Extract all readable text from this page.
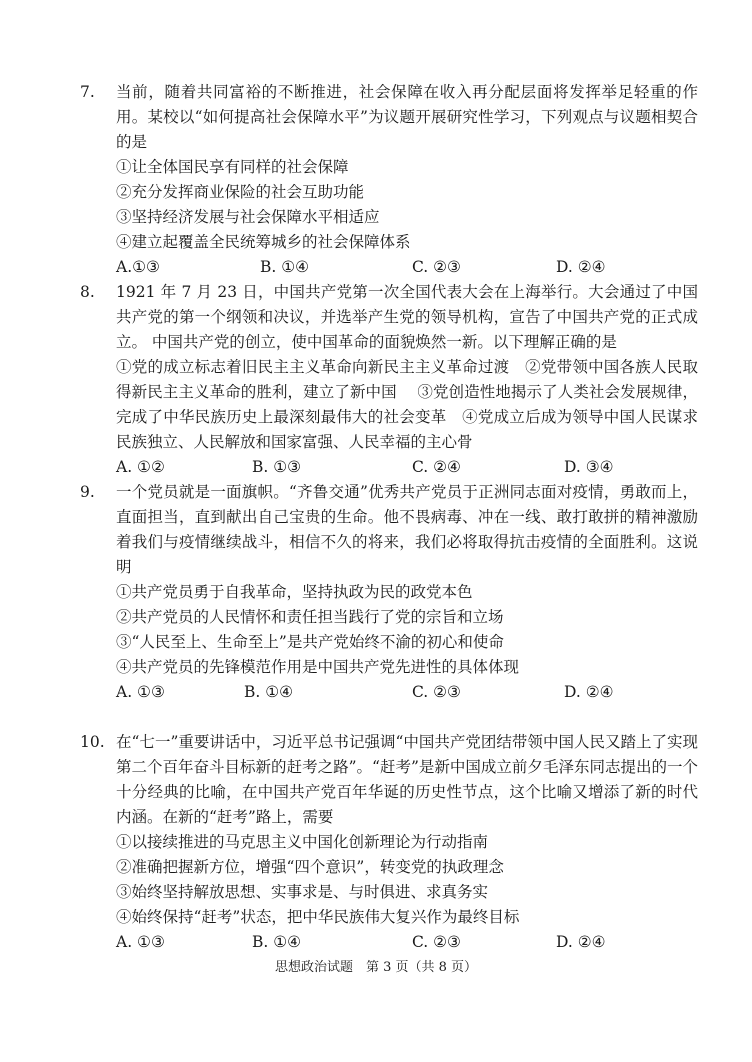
7.	当前，随着共同富裕的不断推进，社会保障在收入再分配层面将发挥举足轻重的作用。某校以“如何提高社会保障水平”为议题开展研究性学习，下列观点与议题相契合的是
①让全体国民享有同样的社会保障
②充分发挥商业保险的社会互助功能
③坚持经济发展与社会保障水平相适应
④建立起覆盖全民统筹城乡的社会保障体系
A.①③	B. ①④	C. ②③	D. ②④
8.	1921 年 7 月 23 日，中国共产党第一次全国代表大会在上海举行。大会通过了中国共产党的第一个纲领和决议，并选举产生党的领导机构，宣告了中国共产党的正式成立。 中国共产党的创立，使中国革命的面貌焕然一新。以下理解正确的是
①党的成立标志着旧民主主义革命向新民主主义革命过渡　②党带领中国各族人民取得新民主主义革命的胜利，建立了新中国　 ③党创造性地揭示了人类社会发展规律，完成了中华民族历史上最深刻最伟大的社会变革　④党成立后成为领导中国人民谋求民族独立、人民解放和国家富强、人民幸福的主心骨
A. ①②	B. ①③	C. ②④	D. ③④
9.	一个党员就是一面旗帜。“齐鲁交通”优秀共产党员于正洲同志面对疫情，勇敢而上，直面担当，直到献出自己宝贵的生命。他不畏病毒、冲在一线、敢打敢拼的精神激励着我们与疫情继续战斗，相信不久的将来，我们必将取得抗击疫情的全面胜利。这说明
①共产党员勇于自我革命，坚持执政为民的政党本色
②共产党员的人民情怀和责任担当践行了党的宗旨和立场
③“人民至上、生命至上”是共产党始终不渝的初心和使命
④共产党员的先锋模范作用是中国共产党先进性的具体体现
A. ①③	B. ①④	C. ②③	D. ②④
10. 在“七一”重要讲话中，习近平总书记强调“中国共产党团结带领中国人民又踏上了实现第二个百年奋斗目标新的赶考之路”。“赶考”是新中国成立前夕毛泽东同志提出的一个十分经典的比喻，在中国共产党百年华诞的历史性节点，这个比喻又增添了新的时代内涵。在新的“赶考”路上，需要
①以接续推进的马克思主义中国化创新理论为行动指南
②准确把握新方位，增强“四个意识”，转变党的执政理念
③始终坚持解放思想、实事求是、与时俱进、求真务实
④始终保持“赶考”状态，把中华民族伟大复兴作为最终目标
A. ①③	B. ①④	C. ②③	D. ②④
思想政治试题　第 3 页（共 8 页）
